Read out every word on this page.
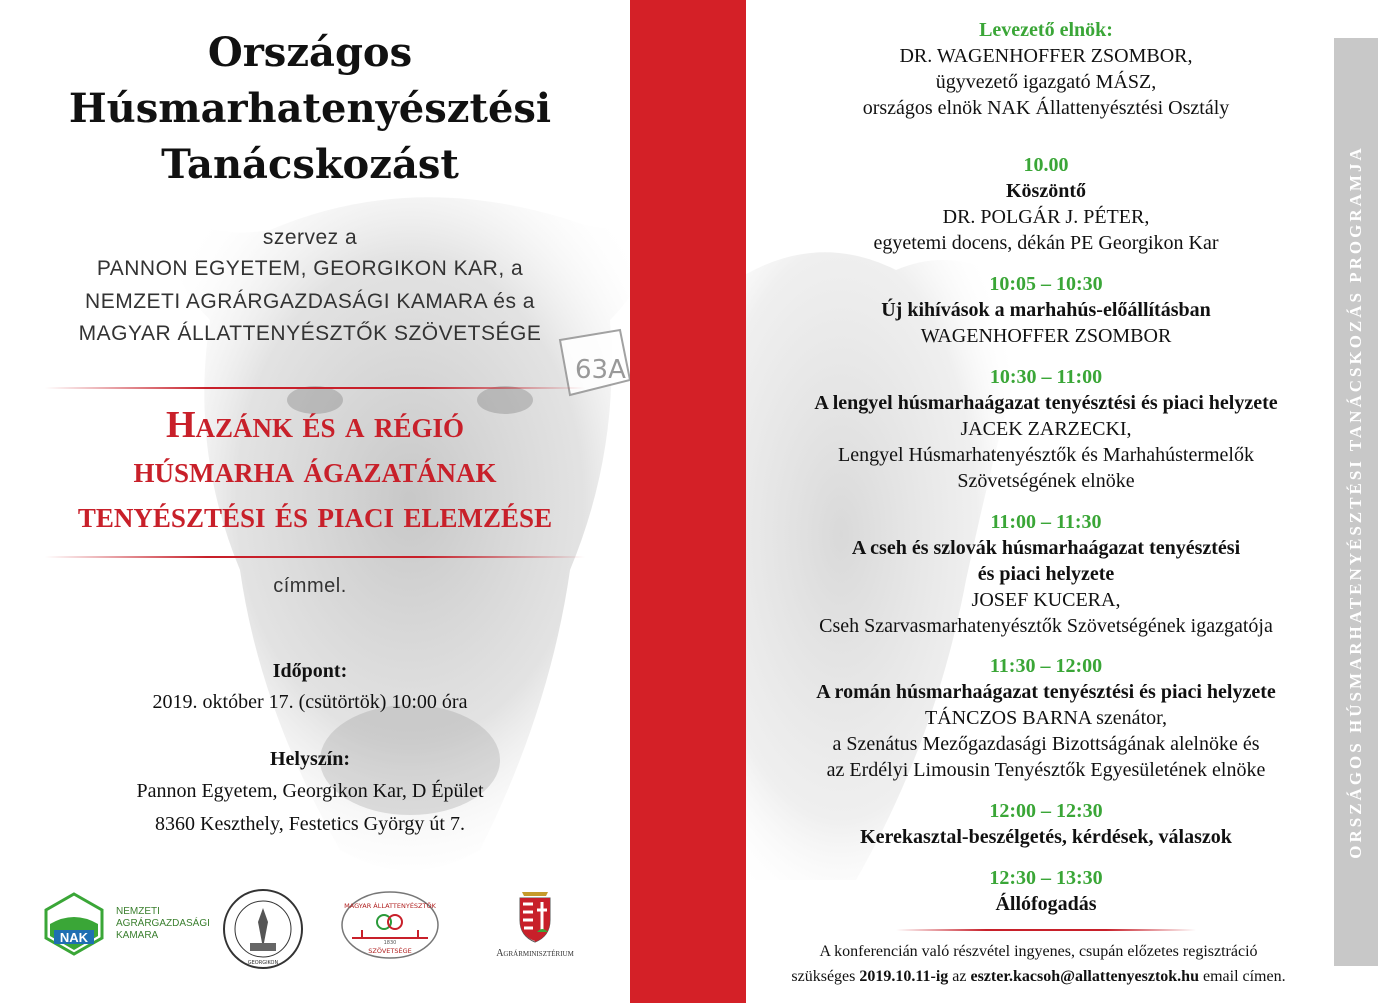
63A
Országos
Húsmarhatenyésztési
Tanácskozást
szervez a
PANNON EGYETEM, GEORGIKON KAR, a
NEMZETI AGRÁRGAZDASÁGI KAMARA és a
MAGYAR ÁLLATTENYÉSZTŐK SZÖVETSÉGE
Hazánk és a régió
húsmarha ágazatának
tenyésztési és piaci elemzése
címmel.
Időpont:
2019. október 17. (csütörtök) 10:00 óra
Helyszín:
Pannon Egyetem, Georgikon Kar, D Épület
8360 Keszthely, Festetics György út 7.
NAK
NEMZETI
AGRÁRGAZDASÁGI
KAMARA
GEORGIKON
MAGYAR ÁLLATTENYÉSZTŐK
1830
SZÖVETSÉGE	Agrárminisztérium
Levezető elnök:
DR. WAGENHOFFER ZSOMBOR,
ügyvezető igazgató MÁSZ,
országos elnök NAK Állattenyésztési Osztály
10.00
Köszöntő
DR. POLGÁR J. PÉTER,
egyetemi docens, dékán PE Georgikon Kar
10:05 – 10:30
Új kihívások a marhahús-előállításban
WAGENHOFFER ZSOMBOR
10:30 – 11:00
A lengyel húsmarhaágazat tenyésztési és piaci helyzete
JACEK ZARZECKI,
Lengyel Húsmarhatenyésztők és Marhahústermelők
Szövetségének elnöke
11:00 – 11:30
A cseh és szlovák húsmarhaágazat tenyésztési
és piaci helyzete
JOSEF KUCERA,
Cseh Szarvasmarhatenyésztők Szövetségének igazgatója
11:30 – 12:00
A román húsmarhaágazat tenyésztési és piaci helyzete
TÁNCZOS BARNA szenátor,
a Szenátus Mezőgazdasági Bizottságának alelnöke és
az Erdélyi Limousin Tenyésztők Egyesületének elnöke
12:00 – 12:30
Kerekasztal-beszélgetés, kérdések, válaszok
12:30 – 13:30
Állófogadás
A konferencián való részvétel ingyenes, csupán előzetes regisztráció
szükséges 2019.10.11-ig az eszter.kacsoh@allattenyesztok.hu email címen.
ORSZÁGOS HÚSMARHATENYÉSZTÉSI TANÁCSKOZÁS PROGRAMJA
